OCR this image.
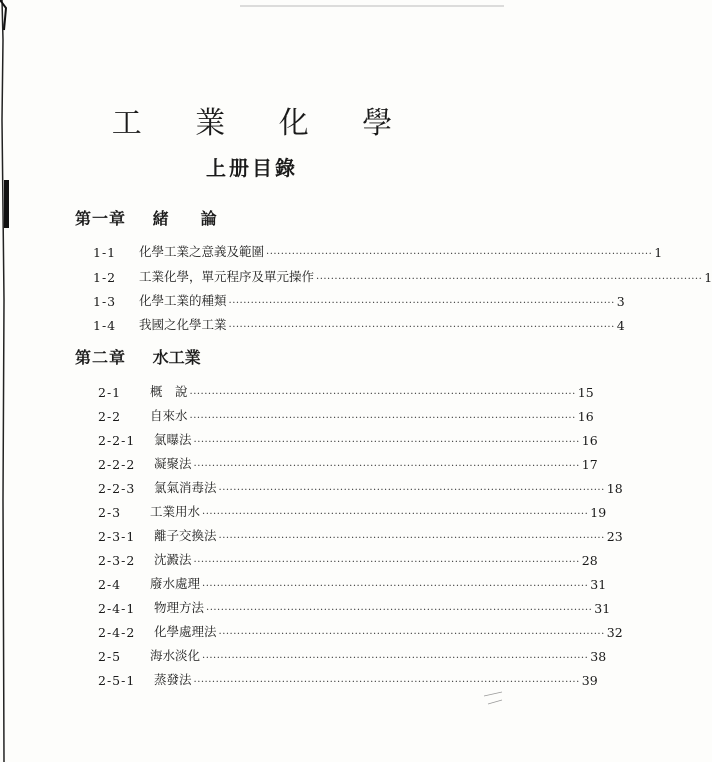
工 業 化 學
上册目錄
第一章 緒　　論
1-1	化學工業之意義及範圍 ......................................................................................................... 1
1-2	工業化學，單元程序及單元操作 ......................................................................................................... 1
1-3	化學工業的種類 ......................................................................................................... 3
1-4	我國之化學工業 ......................................................................................................... 4
第二章 水工業
2-1	概　說 ......................................................................................................... 15
2-2	自來水 ......................................................................................................... 16
2-2-1	氯曝法 ......................................................................................................... 16
2-2-2	凝聚法 ......................................................................................................... 17
2-2-3	氯氣消毒法 ......................................................................................................... 18
2-3	工業用水 ......................................................................................................... 19
2-3-1	離子交換法 ......................................................................................................... 23
2-3-2	沈澱法 ......................................................................................................... 28
2-4	廢水處理 ......................................................................................................... 31
2-4-1	物理方法 ......................................................................................................... 31
2-4-2	化學處理法 ......................................................................................................... 32
2-5	海水淡化 ......................................................................................................... 38
2-5-1	蒸發法 ......................................................................................................... 39
